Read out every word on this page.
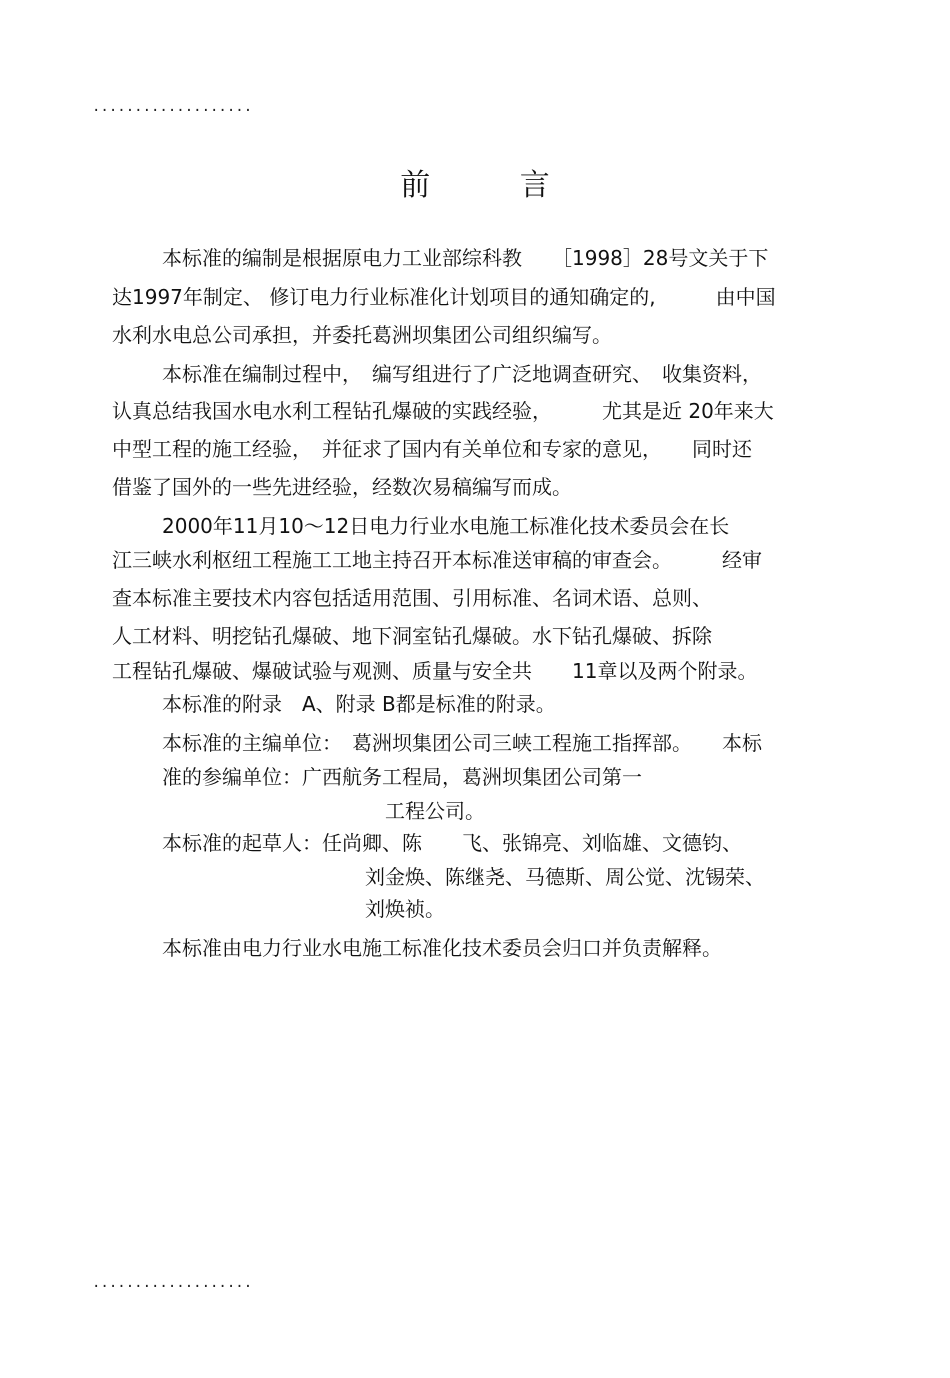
...................
前 言
本标准的编制是根据原电力工业部综科教　　［1998］28号文关于下
达1997年制定、 修订电力行业标准化计划项目的通知确定的,　　　由中国
水利水电总公司承担，并委托葛洲坝集团公司组织编写。
本标准在编制过程中，　编写组进行了广泛地调查研究、　收集资料，
认真总结我国水电水利工程钻孔爆破的实践经验，　　　尤其是近 20年来大
中型工程的施工经验，　并征求了国内有关单位和专家的意见，　　同时还
借鉴了国外的一些先进经验，经数次易稿编写而成。
2000年11月10～12日电力行业水电施工标准化技术委员会在长
江三峡水利枢纽工程施工工地主持召开本标准送审稿的审查会。　　　经审
查本标准主要技术内容包括适用范围、引用标准、名词术语、总则、
人工材料、明挖钻孔爆破、地下洞室钻孔爆破。水下钻孔爆破、拆除
工程钻孔爆破、爆破试验与观测、质量与安全共　　11章以及两个附录。
本标准的附录　A、附录 B都是标准的附录。
本标准的主编单位：　葛洲坝集团公司三峡工程施工指挥部。　　本标
准的参编单位：广西航务工程局，葛洲坝集团公司第一
工程公司。
本标准的起草人：任尚卿、陈　　飞、张锦亮、刘临雄、文德钧、
刘金焕、陈继尧、马德斯、周公觉、沈锡荣、
刘焕祯。
本标准由电力行业水电施工标准化技术委员会归口并负责解释。
...................
